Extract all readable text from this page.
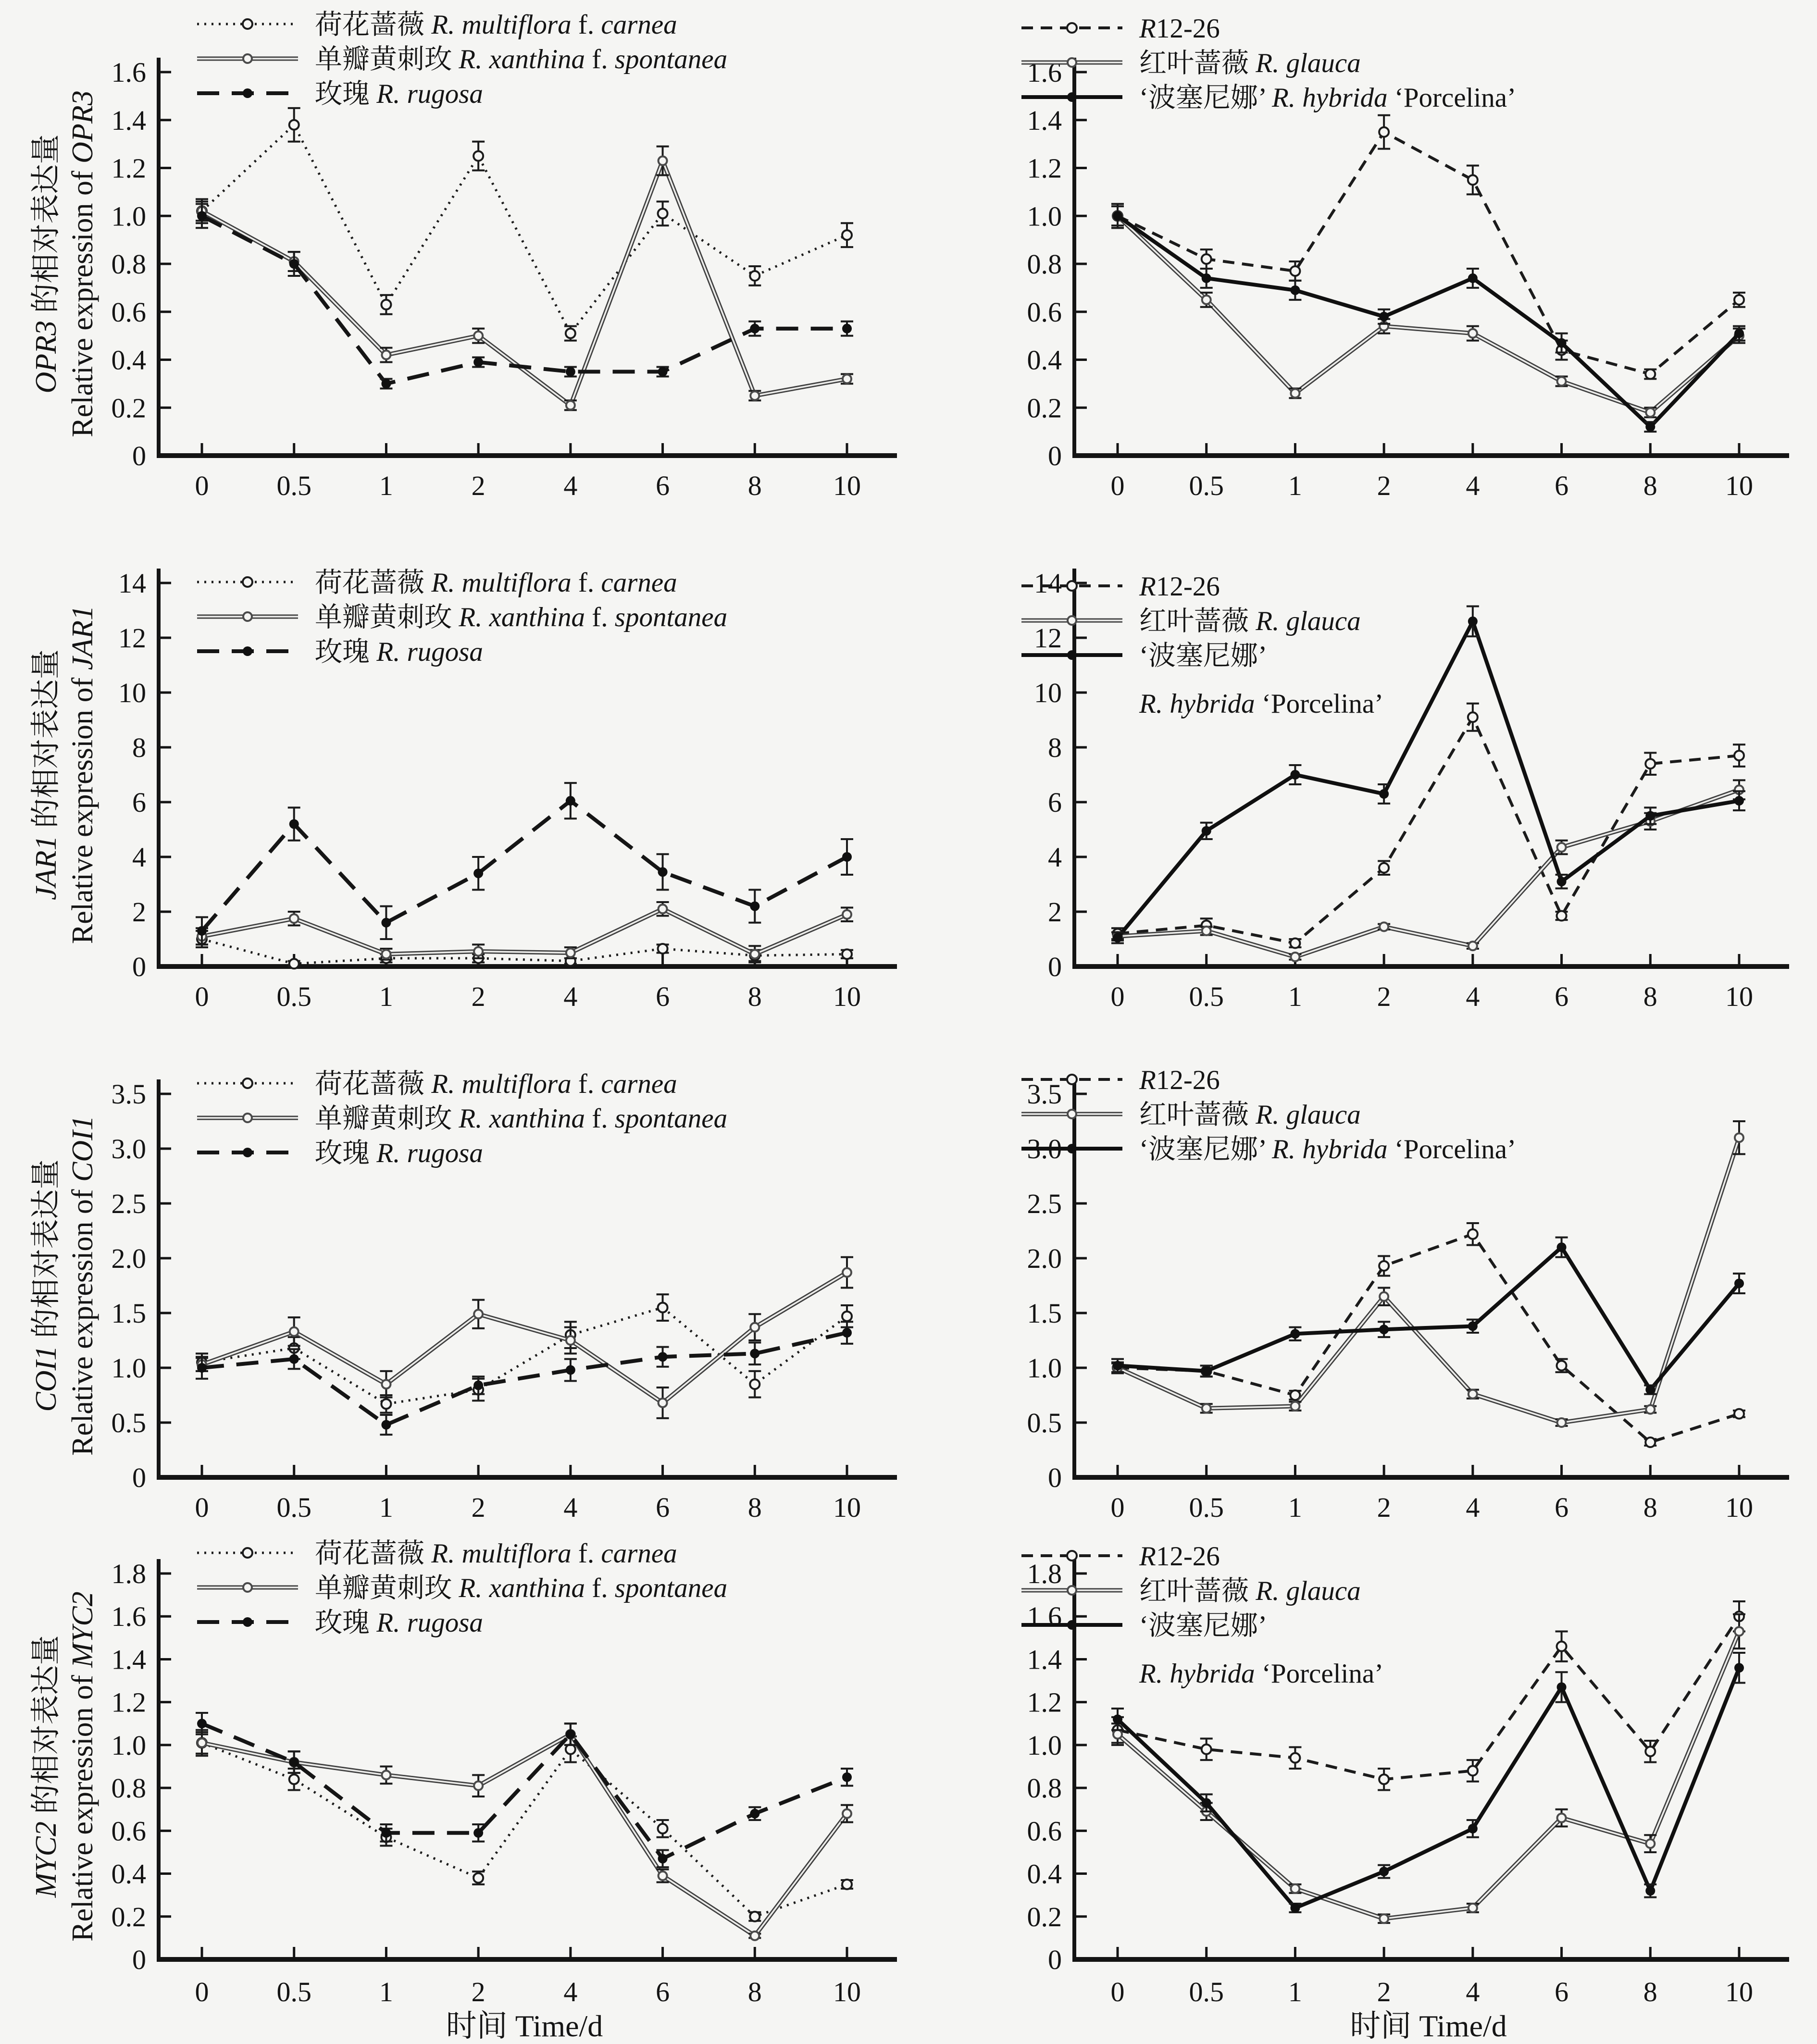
0
0.2
0.4
0.6
0.8
1.0
1.2
1.4
1.6
0 0.5 1	2	4	6	8	10
OPR3 的相对表达量 Relative expression of OPR3
荷花蔷薇 R. multiflora f. carnea
单瓣黄刺玫 R. xanthina f. spontanea
玫瑰 R. rugosa
0
0.2
0.4
0.6
0.8
1.0
1.2
1.4
1.6
0 0.5 1	2	4	6	8 10
R12-26
红叶蔷薇 R. glauca
‘波塞尼娜’ R. hybrida ‘Porcelina’
0
2
4
6
8
10
12
14
0 0.5 1	2	4	6	8	10
JAR1 的相对表达量 Relative expression of JAR1
荷花蔷薇 R. multiflora f. carnea
单瓣黄刺玫 R. xanthina f. spontanea
玫瑰 R. rugosa
0
2
4
6
8
10
12
14
0 0.5 1	2	4	6	8 10
R12-26
红叶蔷薇 R. glauca
‘波塞尼娜’
R. hybrida ‘Porcelina’
0
0.5
1.0
1.5
2.0
2.5
3.0
3.5
0 0.5 1	2	4	6	8	10
COI1 的相对表达量 Relative expression of COI1
荷花蔷薇 R. multiflora f. carnea
单瓣黄刺玫 R. xanthina f. spontanea
玫瑰 R. rugosa
0
0.5
1.0
1.5
2.0
2.5
3.0
3.5
0 0.5 1	2	4	6	8 10
R12-26
红叶蔷薇 R. glauca
‘波塞尼娜’ R. hybrida ‘Porcelina’
0
0.2
0.4
0.6
0.8
1.0
1.2
1.4
1.6
1.8
0 0.5 1	2	4	6	8	10
MYC2 的相对表达量 Relative expression of MYC2
时间 Time/d
荷花蔷薇 R. multiflora f. carnea
单瓣黄刺玫 R. xanthina f. spontanea
玫瑰 R. rugosa
0
0.2
0.4
0.6
0.8
1.0
1.2
1.4
1.6
1.8
0 0.5 1	2	4	6	8 10
时间 Time/d
R12-26
红叶蔷薇 R. glauca
‘波塞尼娜’
R. hybrida ‘Porcelina’
